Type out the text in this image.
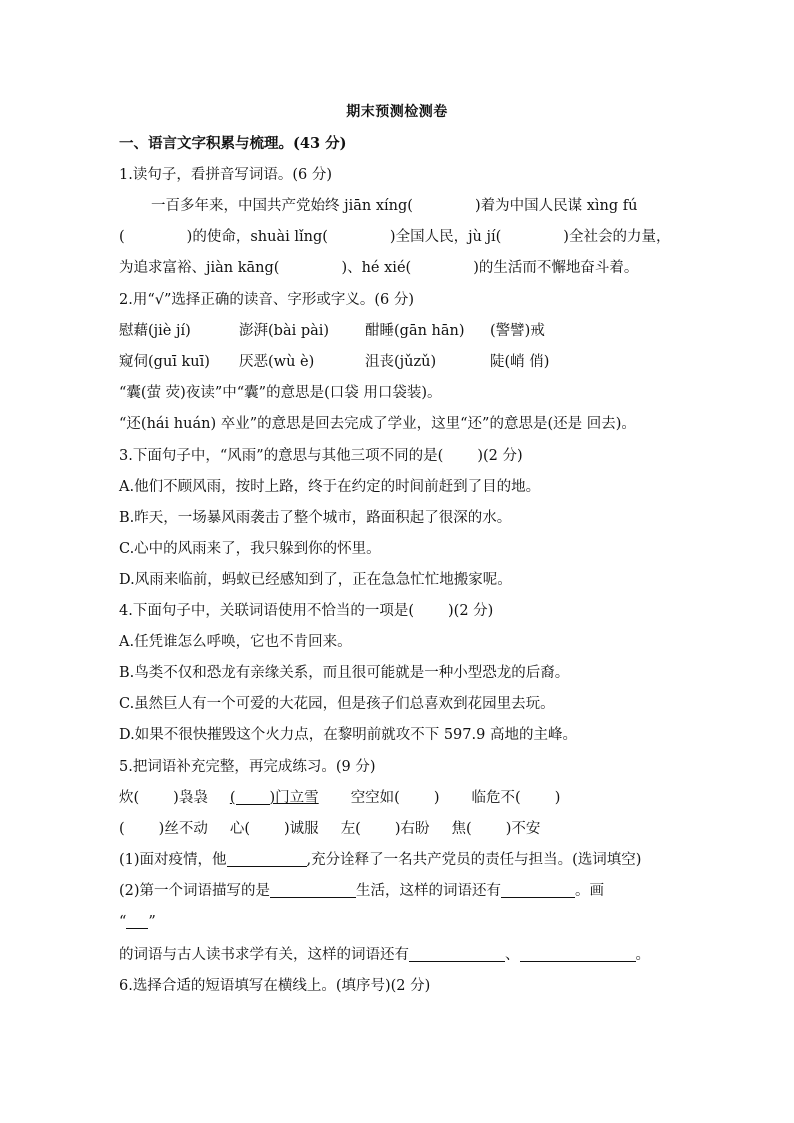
期末预测检测卷
一、语言文字积累与梳理。(43 分)
1.读句子，看拼音写词语。(6 分)
一百多年来，中国共产党始终 jiān xíng(	)着为中国人民谋 xìng fú
(	)的使命，shuài lǐng(	)全国人民，jù jí(	)全社会的力量，
为追求富裕、jiàn kāng(	)、hé xié(	)的生活而不懈地奋斗着。
2.用“√”选择正确的读音、字形或字义。(6 分)
慰藉(jiè jí)	澎湃(bài pài) 酣睡(gān hān) (警譬)戒
窥伺(guī kuī) 厌恶(wù è)	沮丧(jǔzǔ)	陡(峭 俏)
“囊(萤 荧)夜读”中“囊”的意思是(口袋 用口袋装)。
“还(hái huán) 卒业”的意思是回去完成了学业，这里“还”的意思是(还是 回去)。
3.下面句子中，“风雨”的意思与其他三项不同的是( )(2 分)
A.他们不顾风雨，按时上路，终于在约定的时间前赶到了目的地。
B.昨天，一场暴风雨袭击了整个城市，路面积起了很深的水。
C.心中的风雨来了，我只躲到你的怀里。
D.风雨来临前，蚂蚁已经感知到了，正在急急忙忙地搬家呢。
4.下面句子中，关联词语使用不恰当的一项是( )(2 分)
A.任凭谁怎么呼唤，它也不肯回来。
B.鸟类不仅和恐龙有亲缘关系，而且很可能就是一种小型恐龙的后裔。
C.虽然巨人有一个可爱的大花园，但是孩子们总喜欢到花园里去玩。
D.如果不很快摧毁这个火力点，在黎明前就攻不下 597.9 高地的主峰。
5.把词语补充完整，再完成练习。(9 分)
炊( )袅袅 ( )门立雪 空空如( ) 临危不( )
( )丝不动 心( )诚服 左( )右盼 焦( )不安
(1)面对疫情，他	,充分诠释了一名共产党员的责任与担当。(选词填空)
(2)第一个词语描写的是	生活，这样的词语还有	。画
“ ”
的词语与古人读书求学有关，这样的词语还有	、	。
6.选择合适的短语填写在横线上。(填序号)(2 分)
